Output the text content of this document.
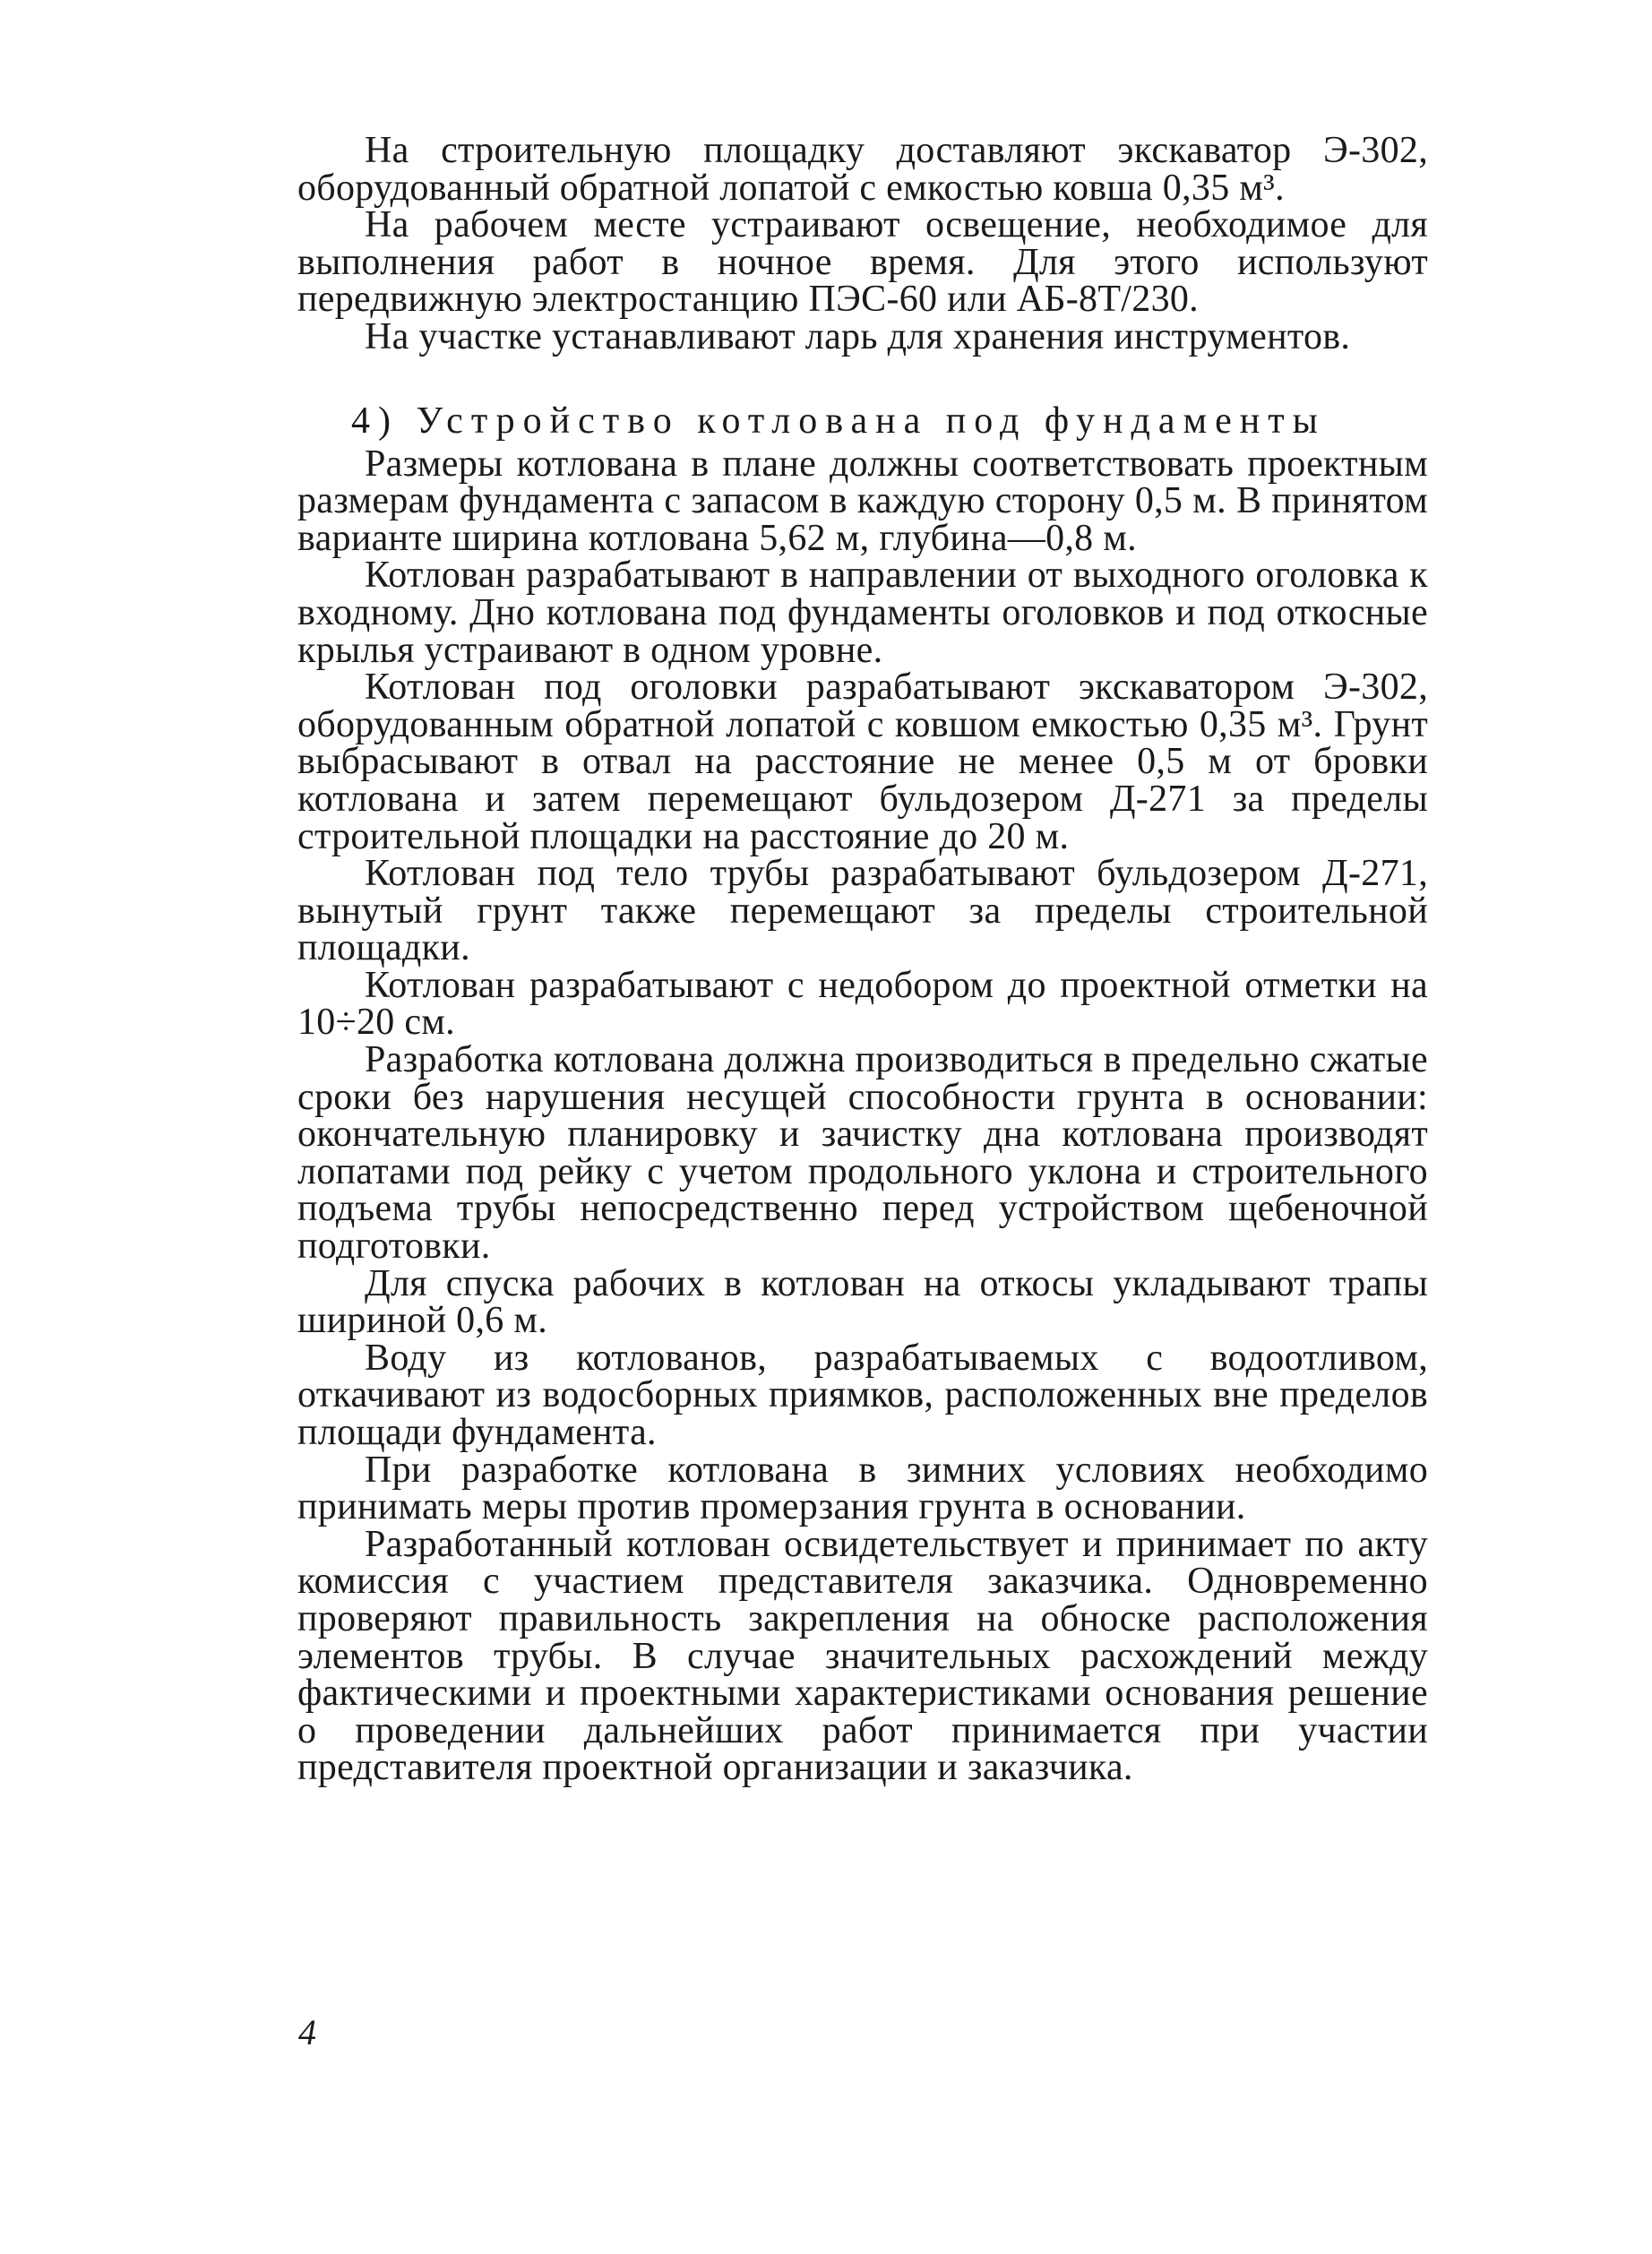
На строительную площадку доставляют экскаватор Э-302, оборудованный обратной лопатой с емкостью ковша 0,35 м³.

На рабочем месте устраивают освещение, необходимое для выполнения работ в ночное время. Для этого используют передвижную электростанцию ПЭС-60 или АБ-8Т/230.

На участке устанавливают ларь для хранения инструментов.

4) Устройство котлована под фундаменты

Размеры котлована в плане должны соответствовать проектным размерам фундамента с запасом в каждую сторону 0,5 м. В принятом варианте ширина котлована 5,62 м, глубина—0,8 м.

Котлован разрабатывают в направлении от выходного оголовка к входному. Дно котлована под фундаменты оголовков и под откосные крылья устраивают в одном уровне.

Котлован под оголовки разрабатывают экскаватором Э-302, оборудованным обратной лопатой с ковшом емкостью 0,35 м³. Грунт выбрасывают в отвал на расстояние не менее 0,5 м от бровки котлована и затем перемещают бульдозером Д-271 за пределы строительной площадки на расстояние до 20 м.

Котлован под тело трубы разрабатывают бульдозером Д-271, вынутый грунт также перемещают за пределы строительной площадки.

Котлован разрабатывают с недобором до проектной отметки на 10÷20 см.

Разработка котлована должна производиться в предельно сжатые сроки без нарушения несущей способности грунта в основании: окончательную планировку и зачистку дна котлована производят лопатами под рейку с учетом продольного уклона и строительного подъема трубы непосредственно перед устройством щебеночной подготовки.

Для спуска рабочих в котлован на откосы укладывают трапы шириной 0,6 м.

Воду из котлованов, разрабатываемых с водоотливом, откачивают из водосборных приямков, расположенных вне пределов площади фундамента.

При разработке котлована в зимних условиях необходимо принимать меры против промерзания грунта в основании.

Разработанный котлован освидетельствует и принимает по акту комиссия с участием представителя заказчика. Одновременно проверяют правильность закрепления на обноске расположения элементов трубы. В случае значительных расхождений между фактическими и проектными характеристиками основания решение о проведении дальнейших работ принимается при участии представителя проектной организации и заказчика.

4
